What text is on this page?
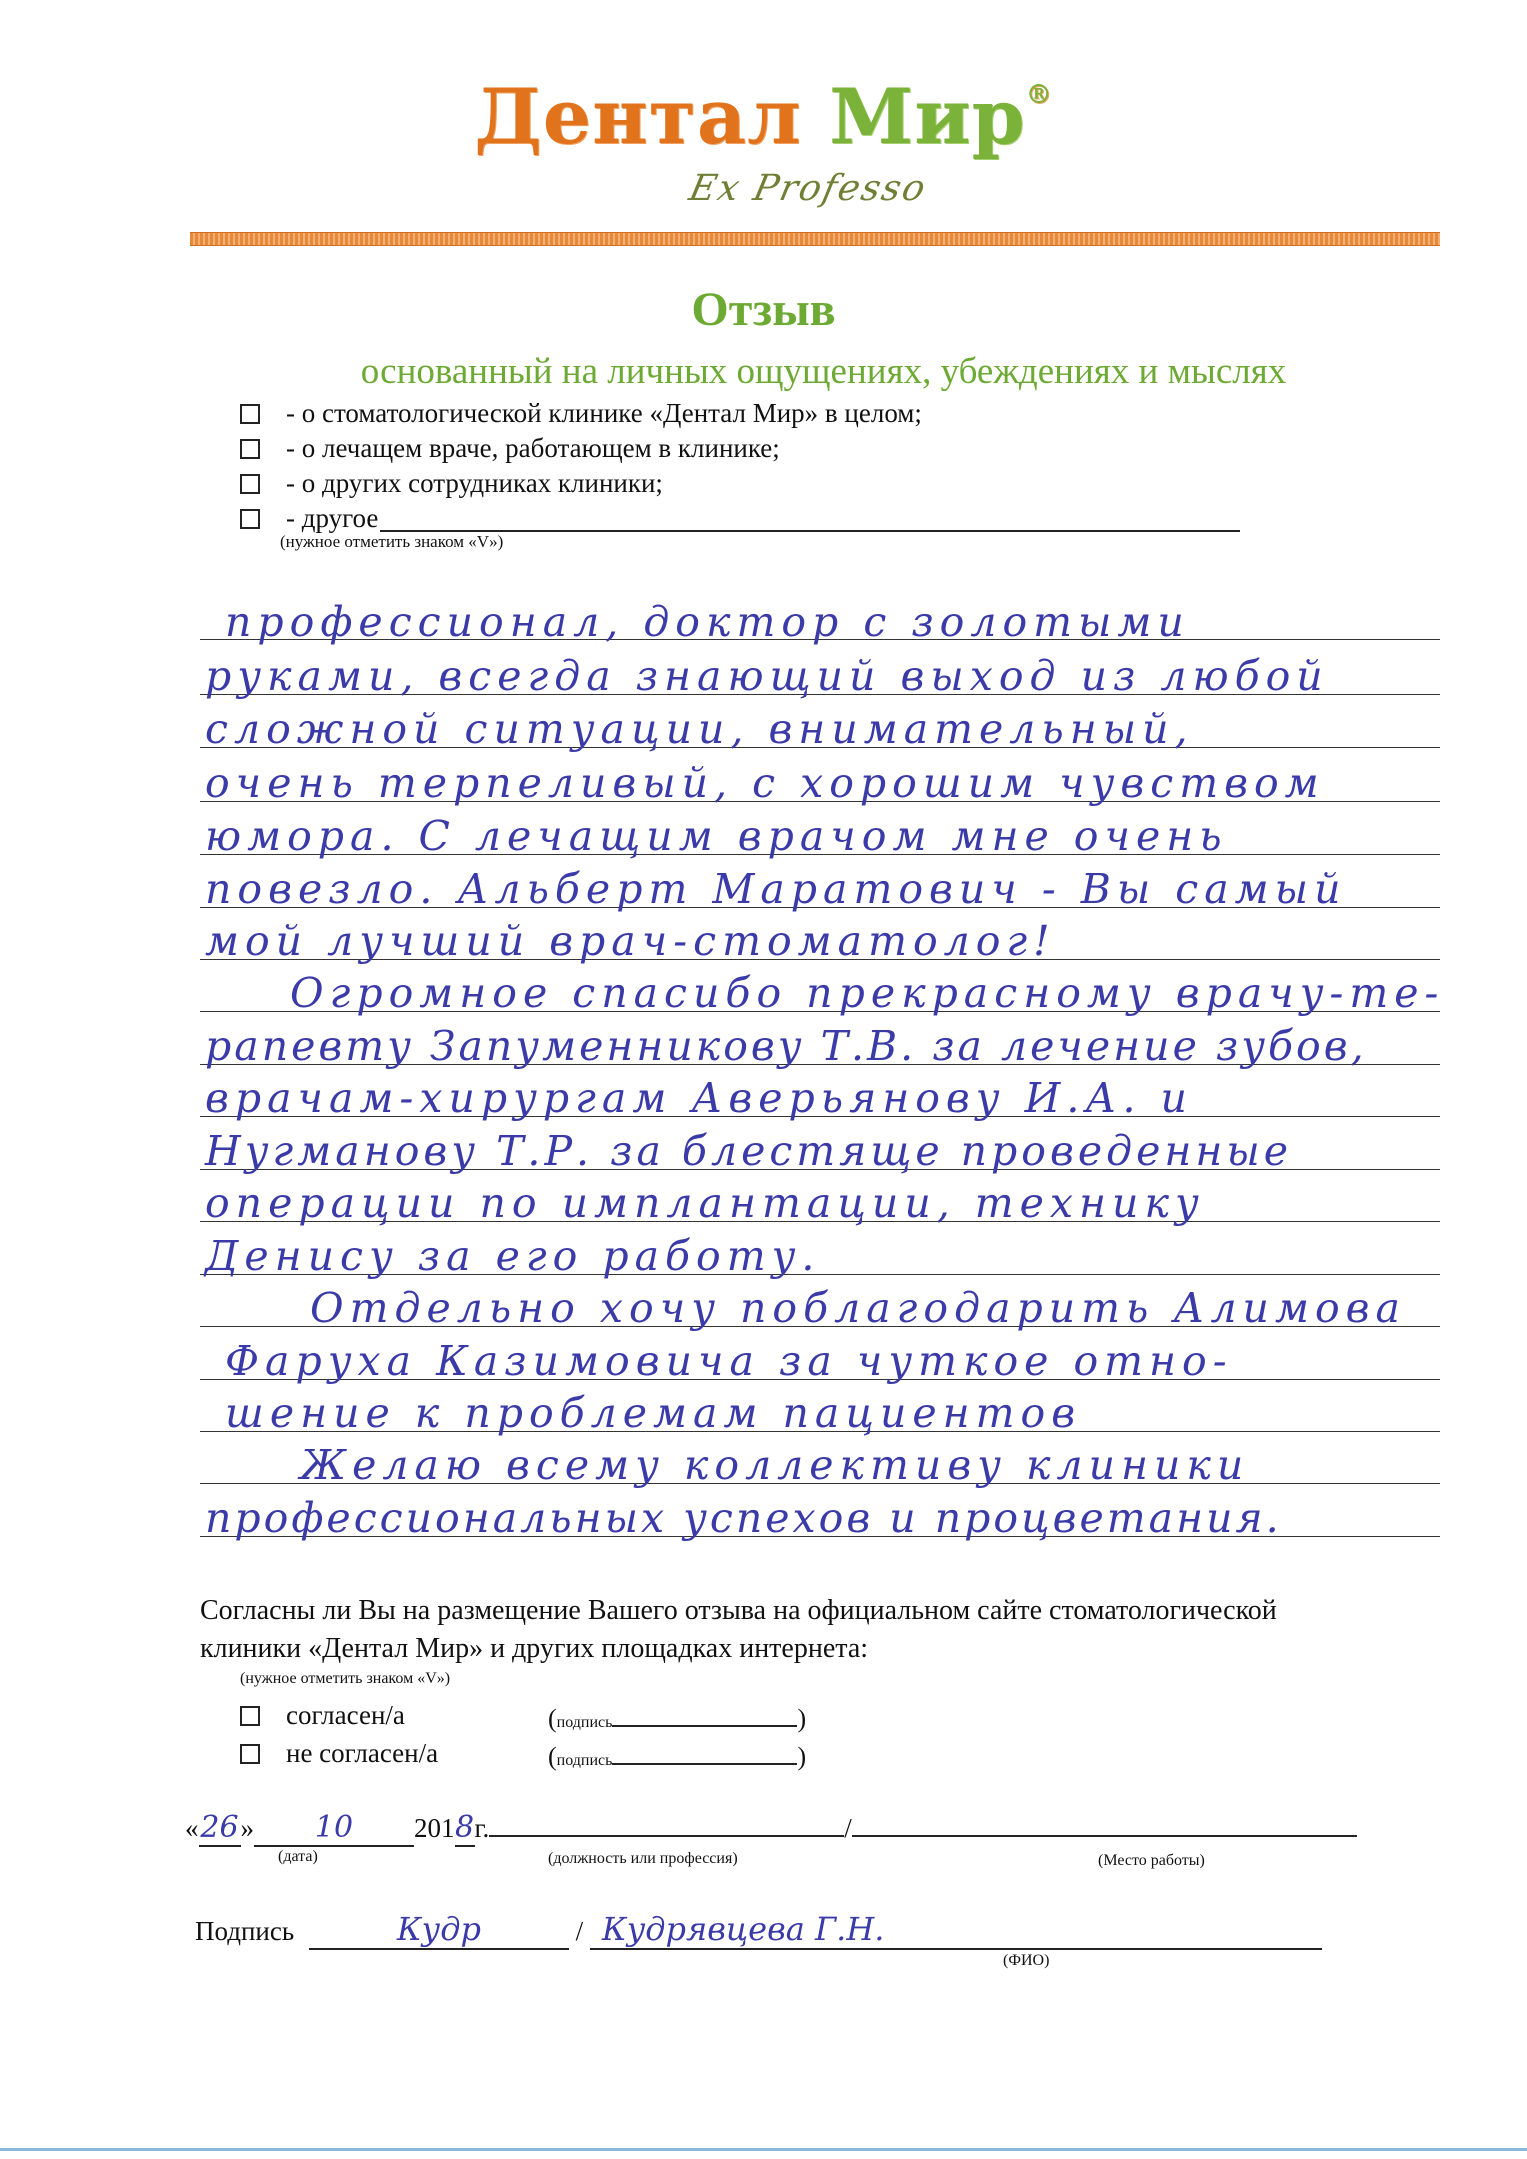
Дентал Мир®
Ex Professo
Отзыв
основанный на личных ощущениях, убеждениях и мыслях
- о стоматологической клинике «Дентал Мир» в целом;
- о лечащем враче, работающем в клинике;
- о других сотрудниках клиники;
- другое
(нужное отметить знаком «V»)
профессионал, доктор с золотыми
руками, всегда знающий выход из любой
сложной ситуации, внимательный,
очень терпеливый, с хорошим чувством
юмора. С лечащим врачом мне очень
повезло. Альберт Маратович - Вы самый
мой лучший врач-стоматолог!
Огромное спасибо прекрасному врачу-те-
рапевту Запуменникову Т.В. за лечение зубов,
врачам-хирургам Аверьянову И.А. и
Нугманову Т.Р. за блестяще проведенные
операции по имплантации, технику
Денису за его работу.
Отдельно хочу поблагодарить Алимова
Фаруха Казимовича за чуткое отно-
шение к проблемам пациентов
Желаю всему коллективу клиники
профессиональных успехов и процветания.
Согласны ли Вы на размещение Вашего отзыва на официальном сайте стоматологической
клиники «Дентал Мир» и других площадках интернета:
(нужное отметить знаком «V»)
согласен/а	(подпись	)
не согласен/а	(подпись	)
«26» 10 2018г.	/
(дата)	(должность или профессия)	(Место работы)
Подпись	Кудр	/ Кудрявцева Г.Н.
(ФИО)
